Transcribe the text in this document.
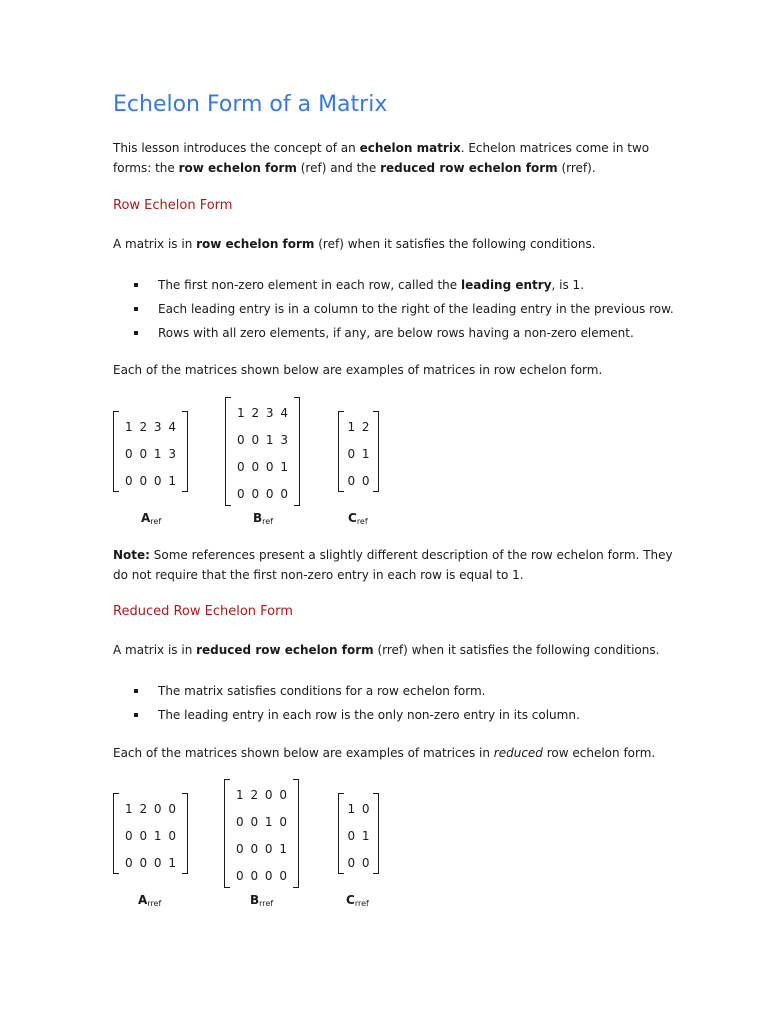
Echelon Form of a Matrix

This lesson introduces the concept of an echelon matrix. Echelon matrices come in two forms: the row echelon form (ref) and the reduced row echelon form (rref).

Row Echelon Form

A matrix is in row echelon form (ref) when it satisfies the following conditions.

The first non-zero element in each row, called the leading entry, is 1.
Each leading entry is in a column to the right of the leading entry in the previous row.
Rows with all zero elements, if any, are below rows having a non-zero element.

Each of the matrices shown below are examples of matrices in row echelon form.

1 2 3 4
0 0 1 3
0 0 0 1
$A_{ref}$
1 2 3 4
0 0 1 3
0 0 0 1
0 0 0 0
$B_{ref}$
1 2
0 1
0 0
$C_{ref}$

Note: Some references present a slightly different description of the row echelon form. They do not require that the first non-zero entry in each row is equal to 1.

Reduced Row Echelon Form

A matrix is in reduced row echelon form (rref) when it satisfies the following conditions.

The matrix satisfies conditions for a row echelon form.
The leading entry in each row is the only non-zero entry in its column.

Each of the matrices shown below are examples of matrices in reduced row echelon form.

1 2 0 0
0 0 1 0
0 0 0 1
$A_{rref}$
1 2 0 0
0 0 1 0
0 0 0 1
0 0 0 0
$B_{rref}$
1 0
0 1
0 0
$C_{rref}$
